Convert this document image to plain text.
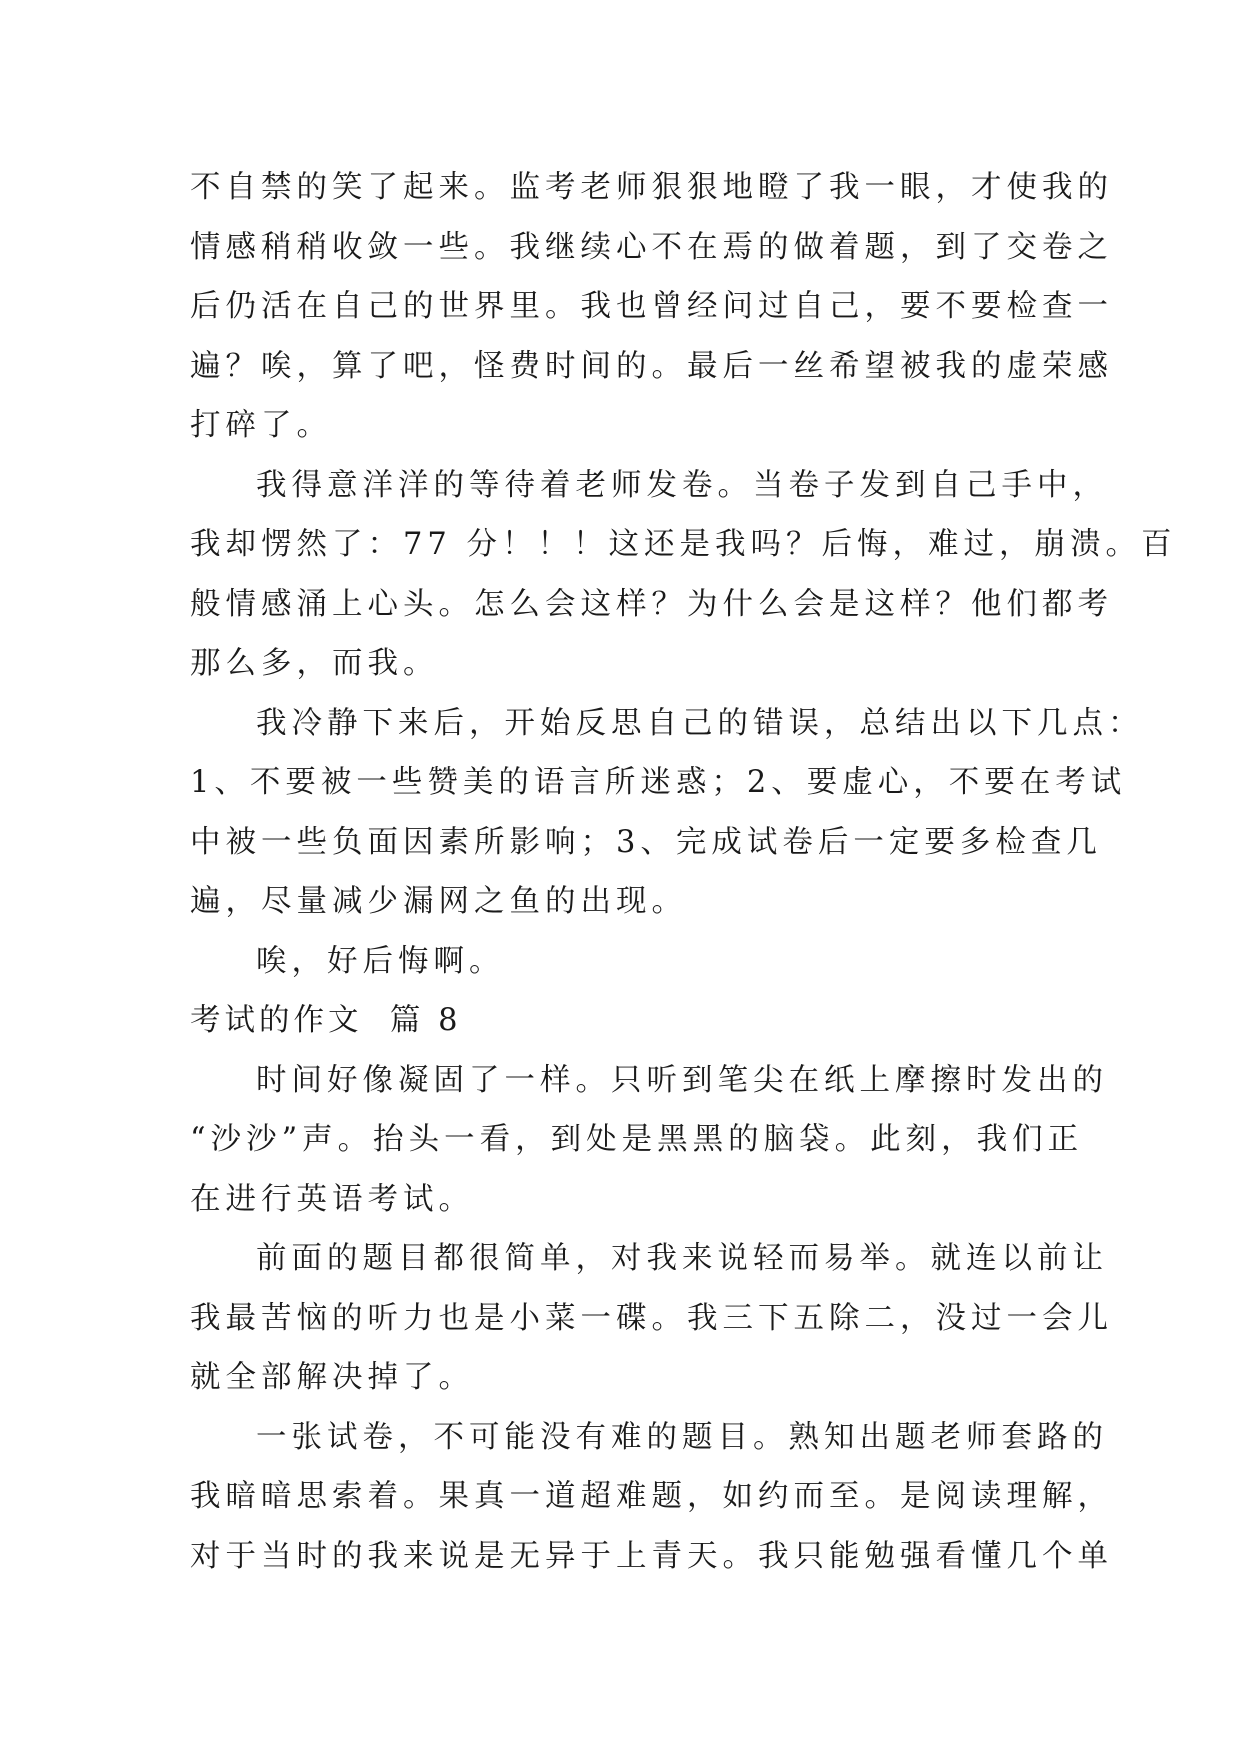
不自禁的笑了起来。监考老师狠狠地瞪了我一眼，才使我的
情感稍稍收敛一些。我继续心不在焉的做着题，到了交卷之
后仍活在自己的世界里。我也曾经问过自己，要不要检查一
遍？唉，算了吧，怪费时间的。最后一丝希望被我的虚荣感
打碎了。
我得意洋洋的等待着老师发卷。当卷子发到自己手中，
我却愣然了：77 分！！！这还是我吗？后悔，难过，崩溃。百
般情感涌上心头。怎么会这样？为什么会是这样？他们都考
那么多，而我。
我冷静下来后，开始反思自己的错误，总结出以下几点：
1、不要被一些赞美的语言所迷惑；2、要虚心，不要在考试
中被一些负面因素所影响；3、完成试卷后一定要多检查几
遍，尽量减少漏网之鱼的出现。
唉，好后悔啊。
考试的作文  篇 8
时间好像凝固了一样。只听到笔尖在纸上摩擦时发出的
“沙沙”声。抬头一看，到处是黑黑的脑袋。此刻，我们正
在进行英语考试。
前面的题目都很简单，对我来说轻而易举。就连以前让
我最苦恼的听力也是小菜一碟。我三下五除二，没过一会儿
就全部解决掉了。
一张试卷，不可能没有难的题目。熟知出题老师套路的
我暗暗思索着。果真一道超难题，如约而至。是阅读理解，
对于当时的我来说是无异于上青天。我只能勉强看懂几个单
